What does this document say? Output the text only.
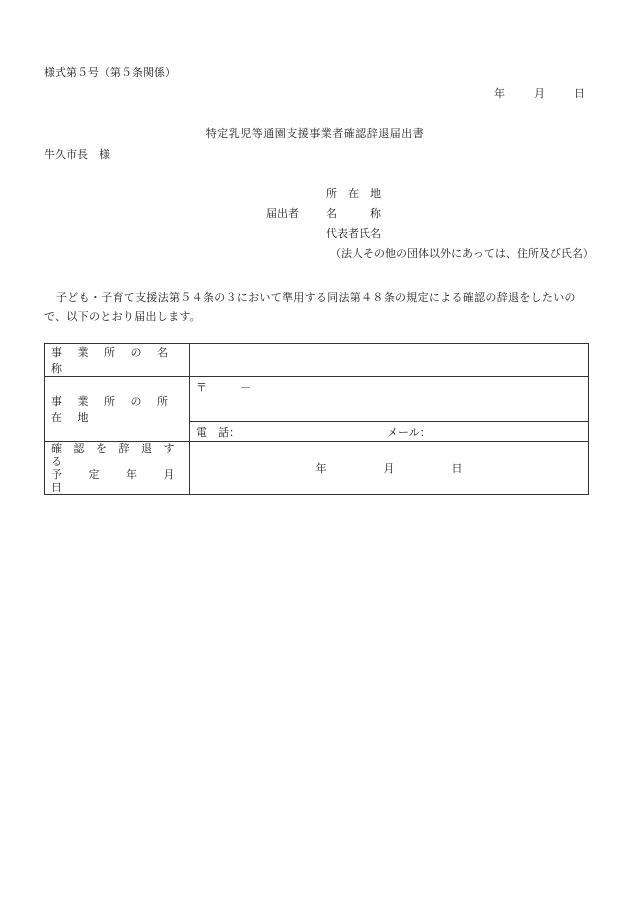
様式第５号（第５条関係）
年	月	日
特定乳児等通園支援事業者確認辞退届出書
牛久市長　様
所　在　地
届出者 名　　　称
代表者氏名
（法人その他の団体以外にあっては、住所及び氏名）
子ども・子育て支援法第５４条の３において準用する同法第４８条の規定による確認の辞退をしたいので、以下のとおり届出します。
事 業 所 の 名 称	
事 業 所 の 所 在 地	〒　　　－

	電　話： メール：

確 認 を 辞 退 す る
予　 定　 年　 月　 日	年 月 日
